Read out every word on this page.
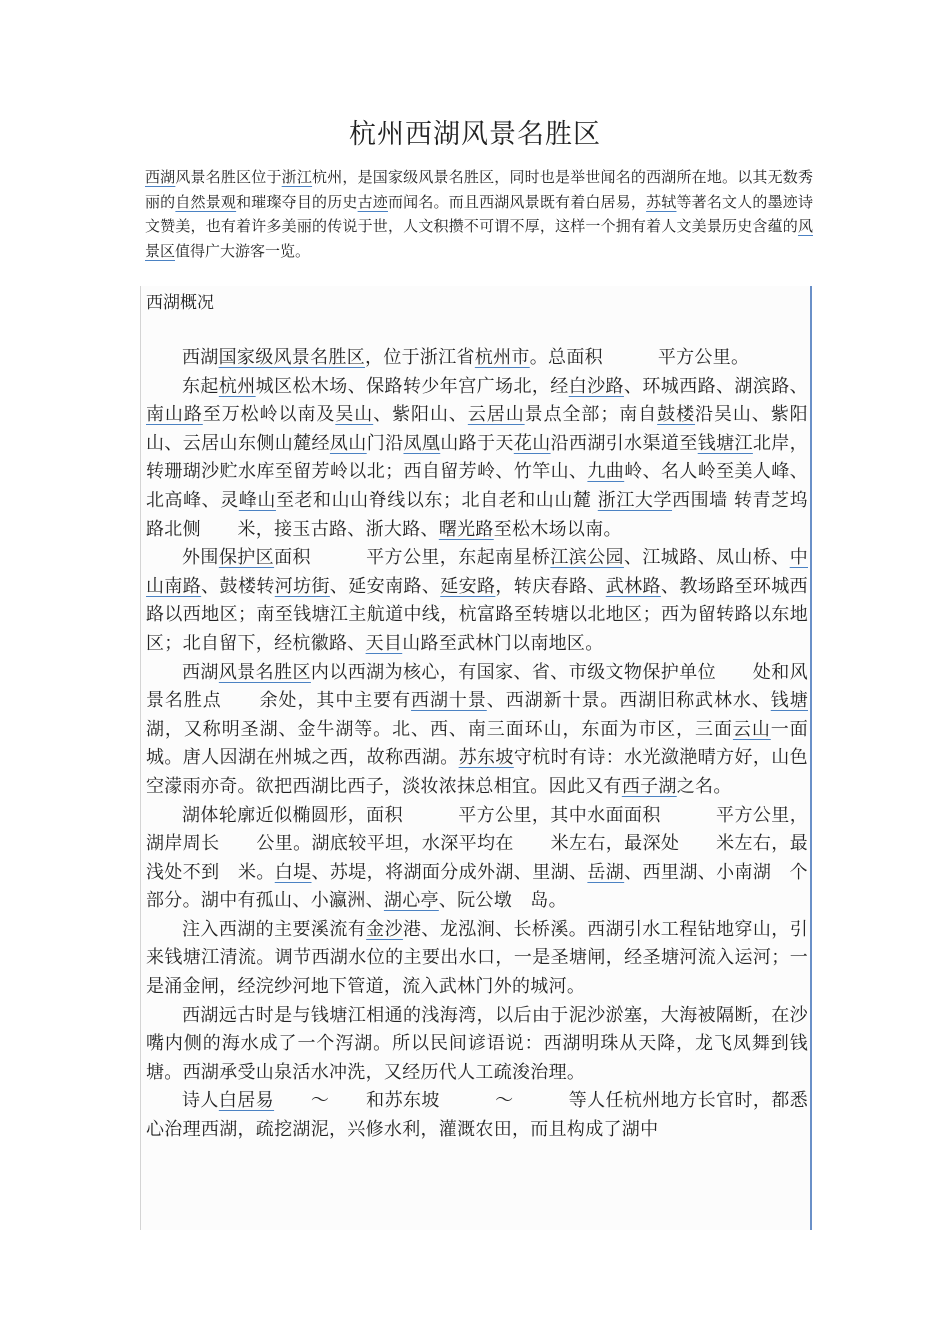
杭州西湖风景名胜区

西湖风景名胜区位于浙江杭州，是国家级风景名胜区，同时也是举世闻名的西湖所在地。以其无数秀丽的自然景观和璀璨夺目的历史古迹而闻名。而且西湖风景既有着白居易，苏轼等著名文人的墨迹诗文赞美，也有着许多美丽的传说于世，人文积攒不可谓不厚，这样一个拥有着人文美景历史含蕴的风景区值得广大游客一览。

西湖概况

西湖国家级风景名胜区，位于浙江省杭州市。总面积　　　平方公里。

东起杭州城区松木场、保路转少年宫广场北，经白沙路、环城西路、湖滨路、南山路至万松岭以南及吴山、紫阳山、云居山景点全部；南自鼓楼沿吴山、紫阳山、云居山东侧山麓经凤山门沿凤凰山路于天花山沿西湖引水渠道至钱塘江北岸，转珊瑚沙贮水库至留芳岭以北；西自留芳岭、竹竿山、九曲岭、名人岭至美人峰、北高峰、灵峰山至老和山山脊线以东；北自老和山山麓 浙江大学西围墙 转青芝坞路北侧　　米，接玉古路、浙大路、曙光路至松木场以南。

外围保护区面积　　　平方公里，东起南星桥江滨公园、江城路、凤山桥、中山南路、鼓楼转河坊街、延安南路、延安路，转庆春路、武林路、教场路至环城西路以西地区；南至钱塘江主航道中线，杭富路至转塘以北地区；西为留转路以东地区；北自留下，经杭徽路、天目山路至武林门以南地区。

西湖风景名胜区内以西湖为核心，有国家、省、市级文物保护单位　　处和风景名胜点　　余处，其中主要有西湖十景、西湖新十景。西湖旧称武林水、钱塘湖，又称明圣湖、金牛湖等。北、西、南三面环山，东面为市区，三面云山一面城。唐人因湖在州城之西，故称西湖。苏东坡守杭时有诗：水光潋滟晴方好，山色空濛雨亦奇。欲把西湖比西子，淡妆浓抹总相宜。因此又有西子湖之名。

湖体轮廓近似椭圆形，面积　　　平方公里，其中水面面积　　　平方公里，湖岸周长　　公里。湖底较平坦，水深平均在　　米左右，最深处　　米左右，最浅处不到　米。白堤、苏堤，将湖面分成外湖、里湖、岳湖、西里湖、小南湖　个部分。湖中有孤山、小瀛洲、湖心亭、阮公墩　岛。

注入西湖的主要溪流有金沙港、龙泓涧、长桥溪。西湖引水工程钻地穿山，引来钱塘江清流。调节西湖水位的主要出水口，一是圣塘闸，经圣塘河流入运河；一是涌金闸，经浣纱河地下管道，流入武林门外的城河。

西湖远古时是与钱塘江相通的浅海湾，以后由于泥沙淤塞，大海被隔断，在沙嘴内侧的海水成了一个泻湖。所以民间谚语说：西湖明珠从天降，龙飞凤舞到钱塘。西湖承受山泉活水冲洗，又经历代人工疏浚治理。

诗人白居易　　～　　和苏东坡　　　～　　　等人任杭州地方长官时，都悉心治理西湖，疏挖湖泥，兴修水利，灌溉农田，而且构成了湖中
